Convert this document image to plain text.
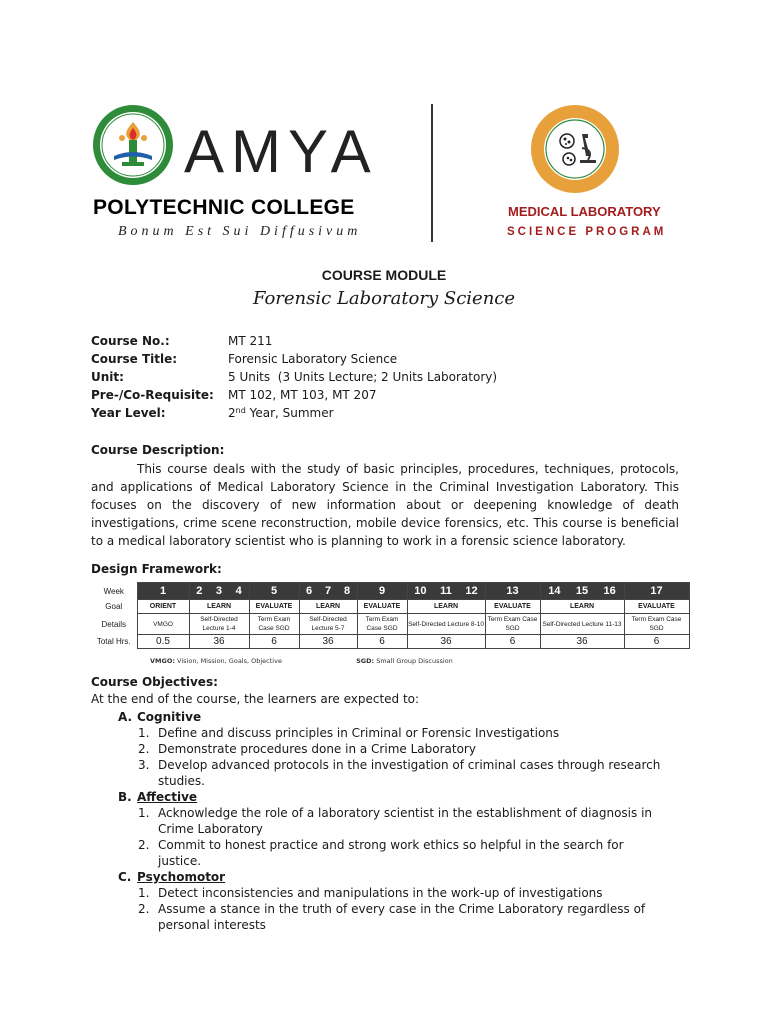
AMYA
POLYTECHNIC COLLEGE
Bonum Est Sui Diffusivum
MEDICAL LABORATORY
SCIENCE PROGRAM
COURSE MODULE
Forensic Laboratory Science
Course No.:	MT 211
Course Title:	Forensic Laboratory Science
Unit:	5 Units  (3 Units Lecture; 2 Units Laboratory)
Pre-/Co-Requisite: MT 102, MT 103, MT 207
Year Level:	2nd Year, Summer
Course Description:
This course deals with the study of basic principles, procedures, techniques, protocols, and applications of Medical Laboratory Science in the Criminal Investigation Laboratory. This focuses on the discovery of new information about or deepening knowledge of death investigations, crime scene reconstruction, mobile device forensics, etc. This course is beneficial to a medical laboratory scientist who is planning to work in a forensic science laboratory.
Design Framework:
Week	1	2 3 4	5	6 7 8	9	10 11 12	13	14 15 16	17

Goal	ORIENT	LEARN	EVALUATE	LEARN	EVALUATE	LEARN	EVALUATE	LEARN	EVALUATE
Details	VMGO	Self-Directed Lecture 1-4	Term Exam Case SGD	Self-Directed Lecture 5-7	Term Exam Case SGD	Self-Directed Lecture 8-10	Term Exam Case SGD	Self-Directed Lecture 11-13	Term Exam Case SGD
Total Hrs.	0.5	36	6	36	6	36	6	36	6
VMGO: Vision, Mission, Goals, Objective	SGD: Small Group Discussion
Course Objectives:
At the end of the course, the learners are expected to:
A. Cognitive
1. Define and discuss principles in Criminal or Forensic Investigations
2. Demonstrate procedures done in a Crime Laboratory
3. Develop advanced protocols in the investigation of criminal cases through research studies.
B. Affective
1. Acknowledge the role of a laboratory scientist in the establishment of diagnosis in Crime Laboratory
2. Commit to honest practice and strong work ethics so helpful in the search for justice.
C. Psychomotor
1. Detect inconsistencies and manipulations in the work-up of investigations
2. Assume a stance in the truth of every case in the Crime Laboratory regardless of personal interests
